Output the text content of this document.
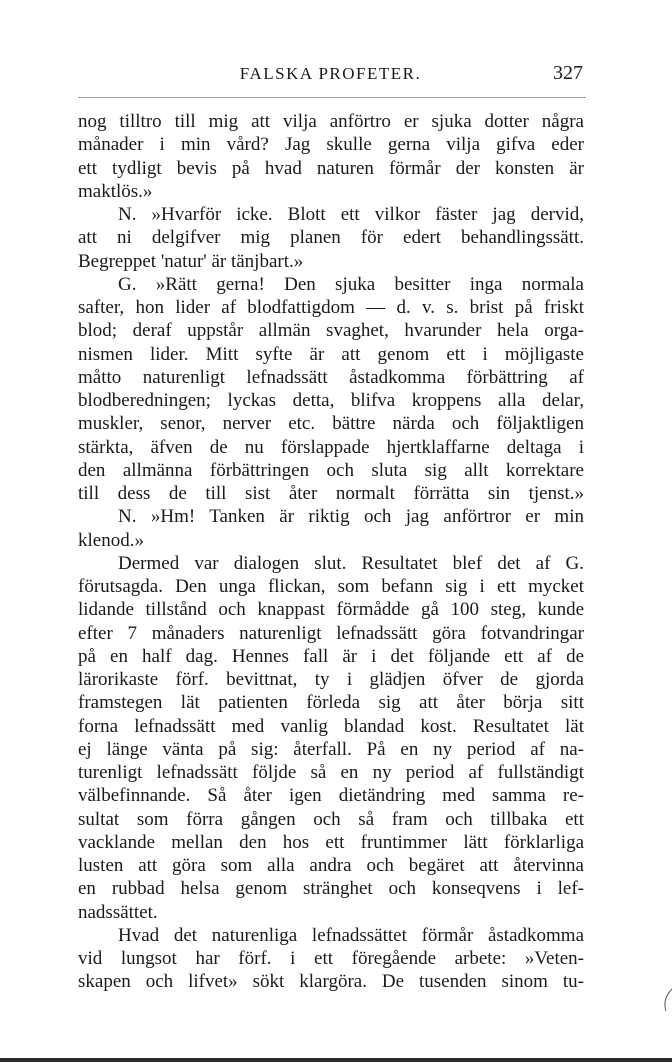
FALSKA PROFETER.	327
nog tilltro till mig att vilja anförtro er sjuka dotter några
månader i min vård? Jag skulle gerna vilja gifva eder
ett tydligt bevis på hvad naturen förmår der konsten är
maktlös.»
N. »Hvarför icke. Blott ett vilkor fäster jag dervid,
att ni delgifver mig planen för edert behandlingssätt.
Begreppet 'natur' är tänjbart.»
G. »Rätt gerna! Den sjuka besitter inga normala
safter, hon lider af blodfattigdom — d. v. s. brist på friskt
blod; deraf uppstår allmän svaghet, hvarunder hela orga-
nismen lider. Mitt syfte är att genom ett i möjligaste
måtto naturenligt lefnadssätt åstadkomma förbättring af
blodberedningen; lyckas detta, blifva kroppens alla delar,
muskler, senor, nerver etc. bättre närda och följaktligen
stärkta, äfven de nu förslappade hjertklaffarne deltaga i
den allmänna förbättringen och sluta sig allt korrektare
till dess de till sist åter normalt förrätta sin tjenst.»
N. »Hm! Tanken är riktig och jag anförtror er min
klenod.»
Dermed var dialogen slut. Resultatet blef det af G.
förutsagda. Den unga flickan, som befann sig i ett mycket
lidande tillstånd och knappast förmådde gå 100 steg, kunde
efter 7 månaders naturenligt lefnadssätt göra fotvandringar
på en half dag. Hennes fall är i det följande ett af de
lärorikaste förf. bevittnat, ty i glädjen öfver de gjorda
framstegen lät patienten förleda sig att åter börja sitt
forna lefnadssätt med vanlig blandad kost. Resultatet lät
ej länge vänta på sig: återfall. På en ny period af na-
turenligt lefnadssätt följde så en ny period af fullständigt
välbefinnande. Så åter igen dietändring med samma re-
sultat som förra gången och så fram och tillbaka ett
vacklande mellan den hos ett fruntimmer lätt förklarliga
lusten att göra som alla andra och begäret att återvinna
en rubbad helsa genom stränghet och konseqvens i lef-
nadssättet.
Hvad det naturenliga lefnadssättet förmår åstadkomma
vid lungsot har förf. i ett föregående arbete: »Veten-
skapen och lifvet» sökt klargöra. De tusenden sinom tu-
